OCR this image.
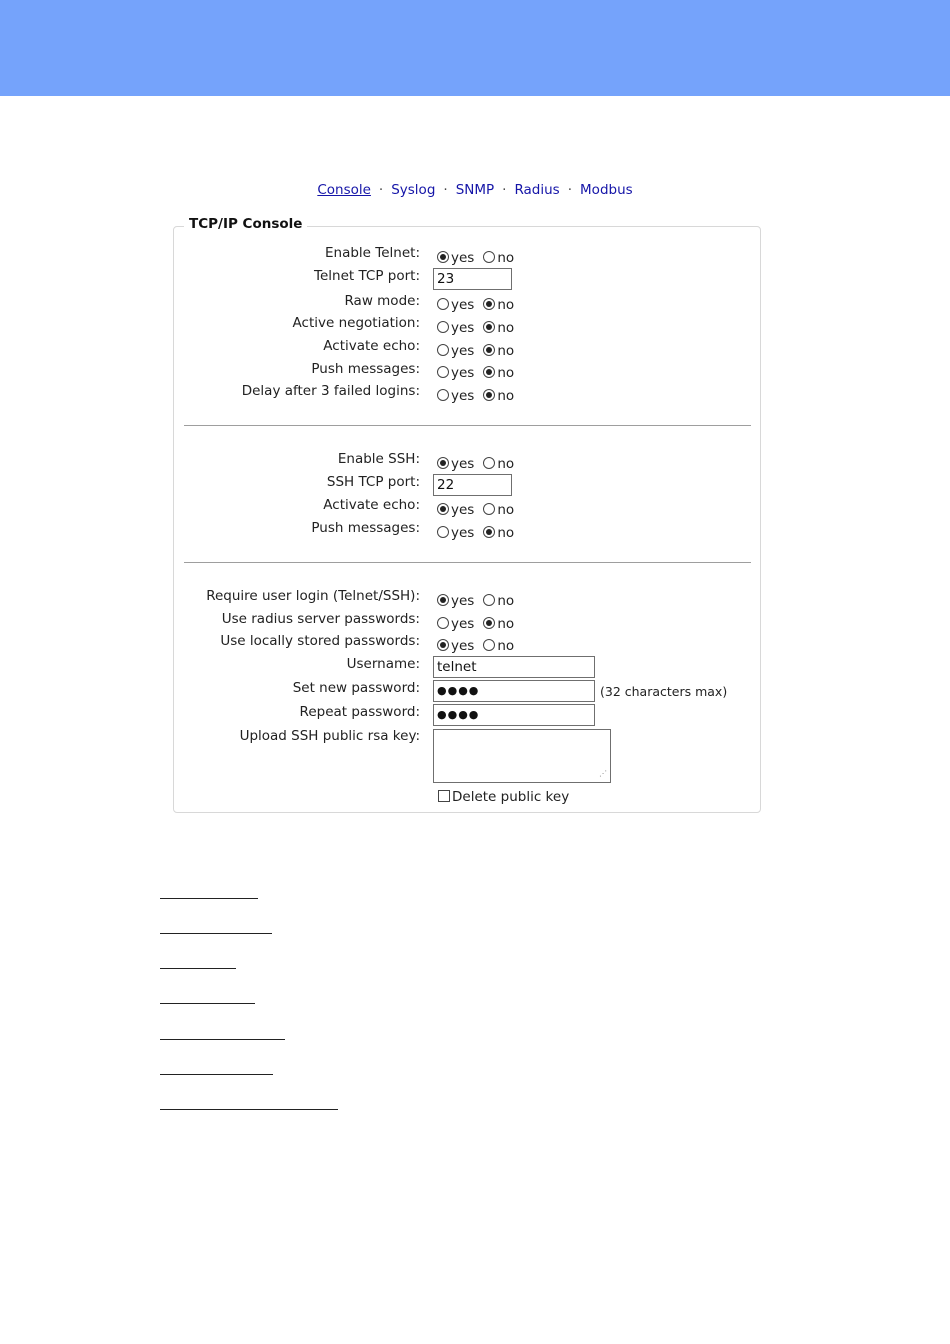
Console · Syslog · SNMP · Radius · Modbus
TCP/IP Console
Enable Telnet:	yes no
Telnet TCP port: 23
Raw mode:	yes no
Active negotiation:	yes no
Activate echo:	yes no
Push messages:	yes no
Delay after 3 failed logins:	yes no
Enable SSH:	yes no
SSH TCP port: 22
Activate echo:	yes no
Push messages:	yes no
Require user login (Telnet/SSH):	yes no
Use radius server passwords:	yes no
Use locally stored passwords:	yes no
Username: telnet
Set new password:	●●●●	(32 characters max)
Repeat password:	●●●●
Upload SSH public rsa key:
⋰
Delete public key
